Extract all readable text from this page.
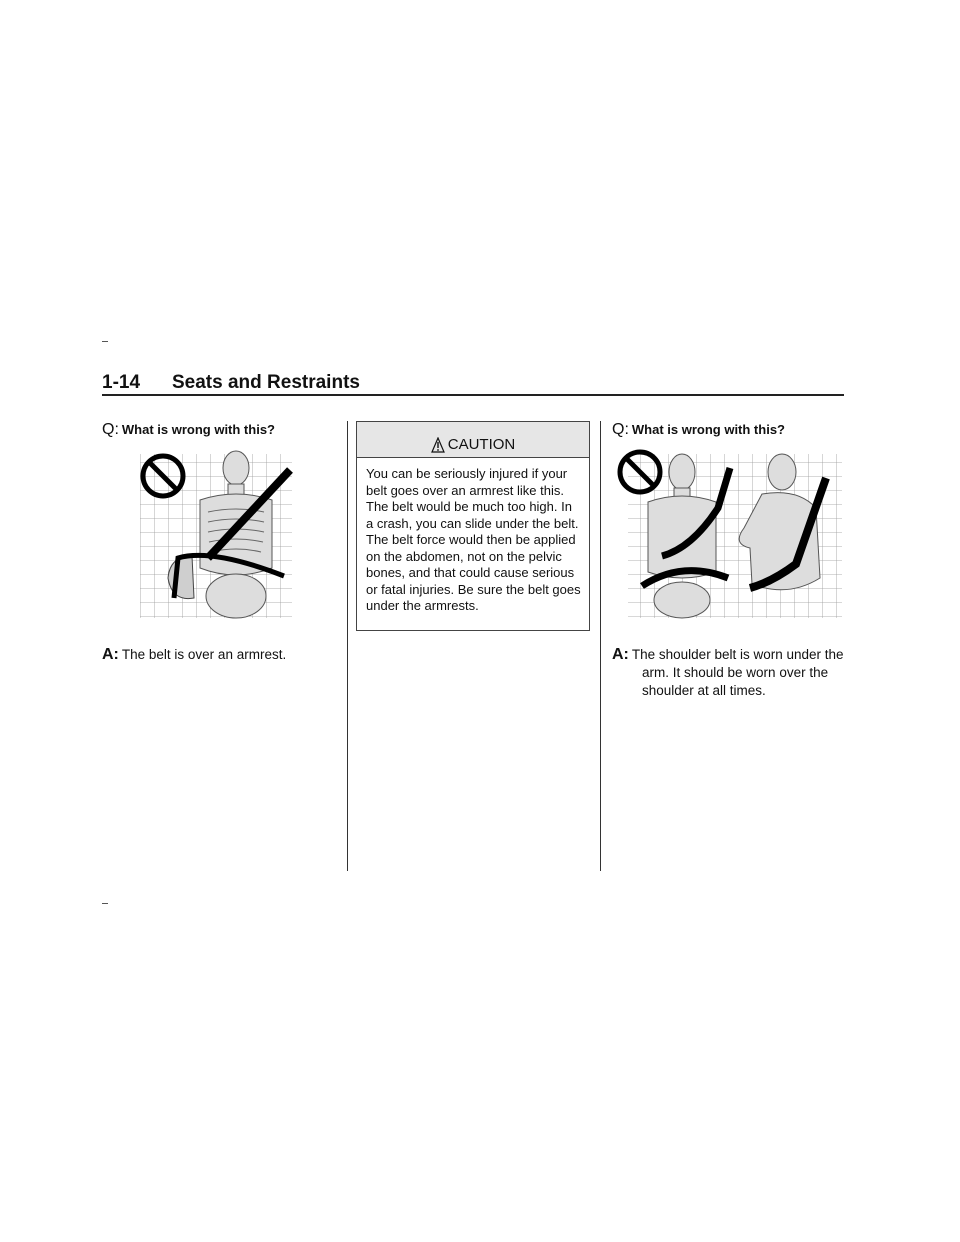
1-14 Seats and Restraints
Q: What is wrong with this?
A: The belt is over an armrest.
CAUTION
You can be seriously injured if your belt goes over an armrest like this. The belt would be much too high. In a crash, you can slide under the belt. The belt force would then be applied on the abdomen, not on the pelvic bones, and that could cause serious or fatal injuries. Be sure the belt goes under the armrests.
Q: What is wrong with this?
A: The shoulder belt is worn under the arm. It should be worn over the shoulder at all times.
